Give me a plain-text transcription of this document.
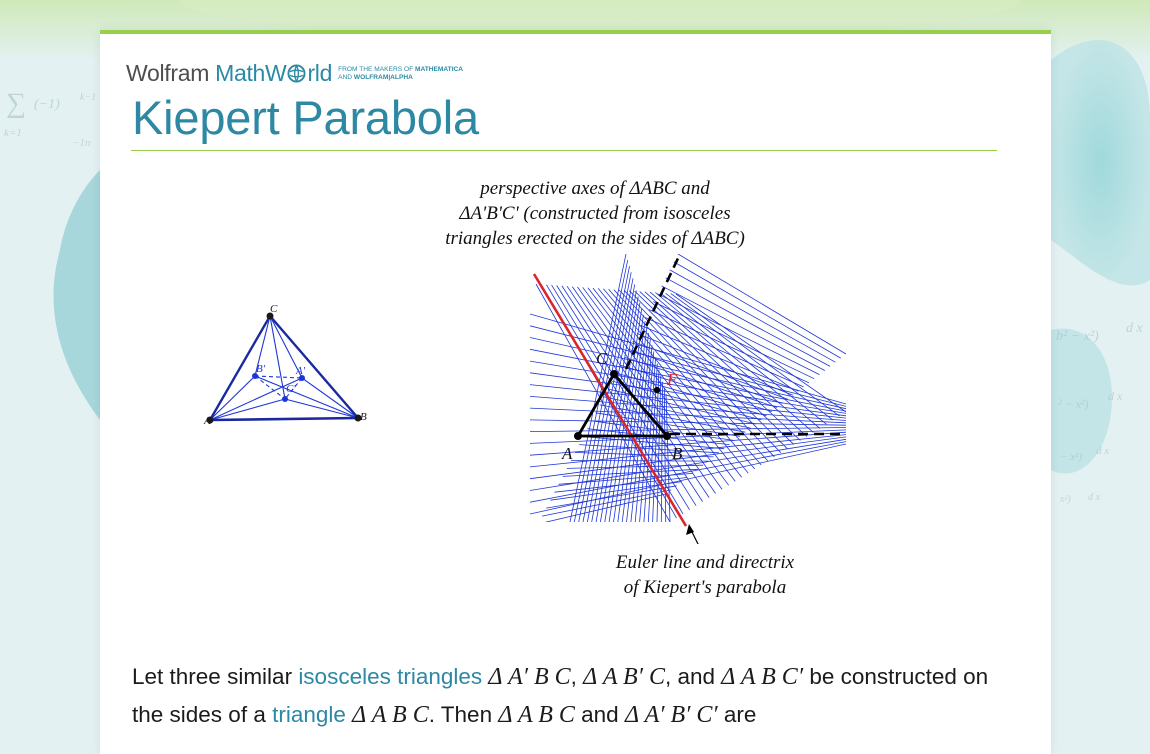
∑ (−1) k−1
k=1
−1n
b² − x²)
d x
² − x²)
d x
− x²) d x
x²) d x
Wolfram MathW rld FROM THE MAKERS OF MATHEMATICA
AND WOLFRAM|ALPHA
Kiepert Parabola
perspective axes of ΔABC and
ΔA'B'C' (constructed from isosceles
triangles erected on the sides of ΔABC)
A	B
C
B'	A'
C'
A	B
C
F
Euler line and directrix
of Kiepert's parabola
Let three similar isosceles triangles Δ A′ B C, Δ A B′ C, and Δ A B C′ be constructed on the sides of a triangle Δ A B C. Then Δ A B C and Δ A′ B′ C′ are
